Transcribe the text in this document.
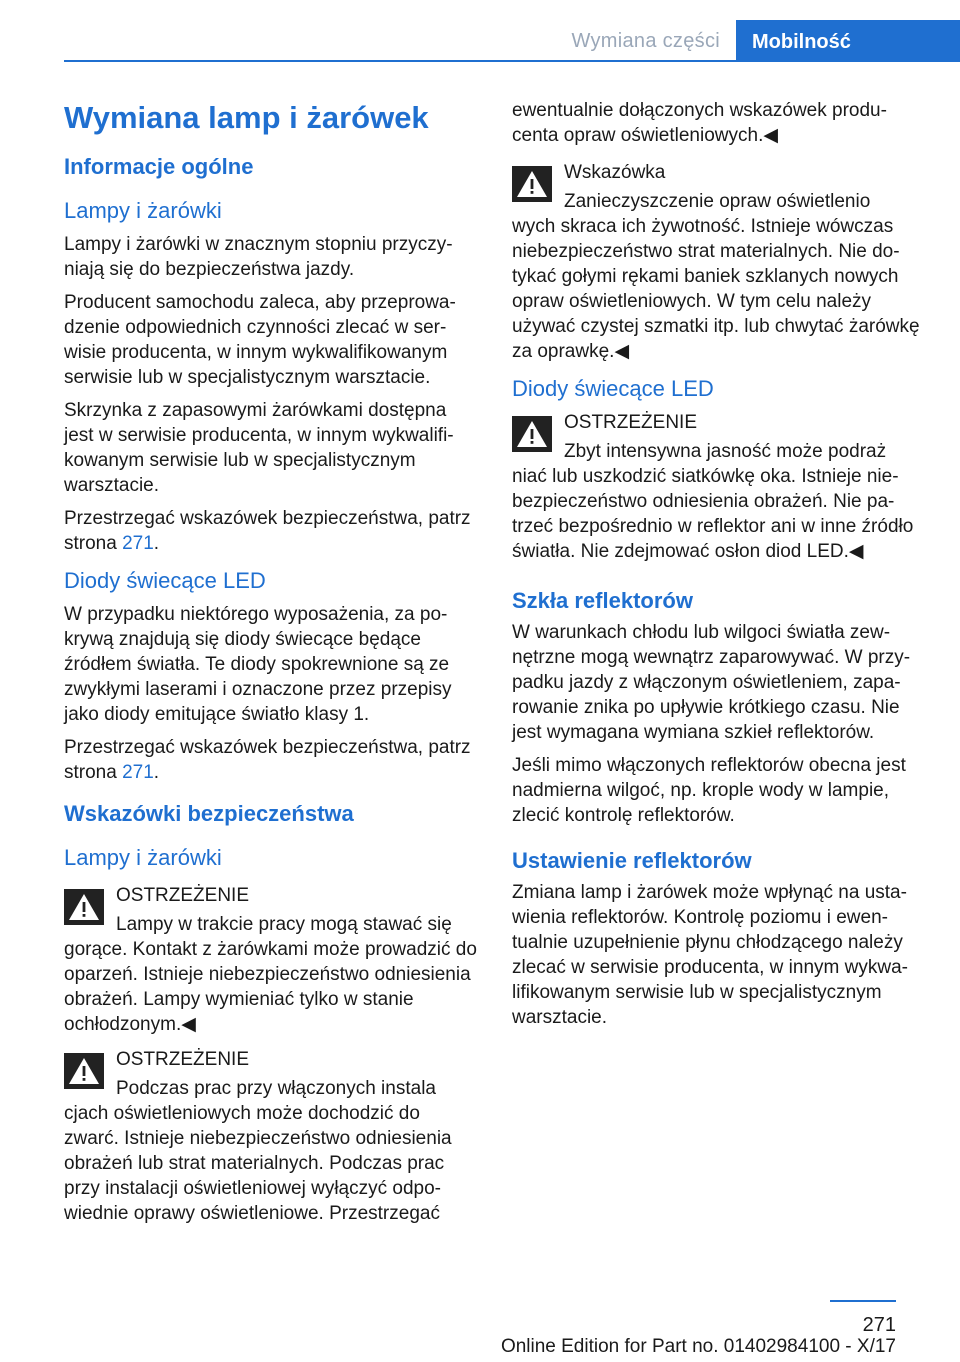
Wymiana części	Mobilność
Wymiana lamp i żarówek
Informacje ogólne
Lampy i żarówki

Lampy i żarówki w znacznym stopniu przyczyniają się do bezpieczeństwa jazdy.

Producent samochodu zaleca, aby przeprowadzenie odpowiednich czynności zlecać w serwisie producenta, w innym wykwalifikowanym serwisie lub w specjalistycznym warsztacie.

Skrzynka z zapasowymi żarówkami dostępna jest w serwisie producenta, w innym wykwalifikowanym serwisie lub w specjalistycznym warsztacie.

Przestrzegać wskazówek bezpieczeństwa, patrz strona 271.

Diody świecące LED

W przypadku niektórego wyposażenia, za pokrywą znajdują się diody świecące będące źródłem światła. Te diody spokrewnione są ze zwykłymi laserami i oznaczone przez przepisy jako diody emitujące światło klasy 1.

Przestrzegać wskazówek bezpieczeństwa, patrz strona 271.

Wskazówki bezpieczeństwa
Lampy i żarówki

OSTRZEŻENIE

Lampy w trakcie pracy mogą stawać się

gorące. Kontakt z żarówkami może prowadzić do oparzeń. Istnieje niebezpieczeństwo odniesienia obrażeń. Lampy wymieniać tylko w stanie ochłodzonym.◀

OSTRZEŻENIE

Podczas prac przy włączonych instala

cjach oświetleniowych może dochodzić do zwarć. Istnieje niebezpieczeństwo odniesienia obrażeń lub strat materialnych. Podczas prac przy instalacji oświetleniowej wyłączyć odpowiednie oprawy oświetleniowe. Przestrzegać

ewentualnie dołączonych wskazówek producenta opraw oświetleniowych.◀

Wskazówka

Zanieczyszczenie opraw oświetlenio

wych skraca ich żywotność. Istnieje wówczas niebezpieczeństwo strat materialnych. Nie dotykać gołymi rękami baniek szklanych nowych opraw oświetleniowych. W tym celu należy używać czystej szmatki itp. lub chwytać żarówkę za oprawkę.◀

Diody świecące LED

OSTRZEŻENIE

Zbyt intensywna jasność może podraż

niać lub uszkodzić siatkówkę oka. Istnieje niebezpieczeństwo odniesienia obrażeń. Nie patrzeć bezpośrednio w reflektor ani w inne źródło światła. Nie zdejmować osłon diod LED.◀

Szkła reflektorów

W warunkach chłodu lub wilgoci światła zewnętrzne mogą wewnątrz zaparowywać. W przypadku jazdy z włączonym oświetleniem, zaparowanie znika po upływie krótkiego czasu. Nie jest wymagana wymiana szkieł reflektorów.

Jeśli mimo włączonych reflektorów obecna jest nadmierna wilgoć, np. krople wody w lampie, zlecić kontrolę reflektorów.

Ustawienie reflektorów

Zmiana lamp i żarówek może wpłynąć na ustawienia reflektorów. Kontrolę poziomu i ewentualnie uzupełnienie płynu chłodzącego należy zlecać w serwisie producenta, w innym wykwalifikowanym serwisie lub w specjalistycznym warsztacie.

271
Online Edition for Part no. 01402984100 - X/17
